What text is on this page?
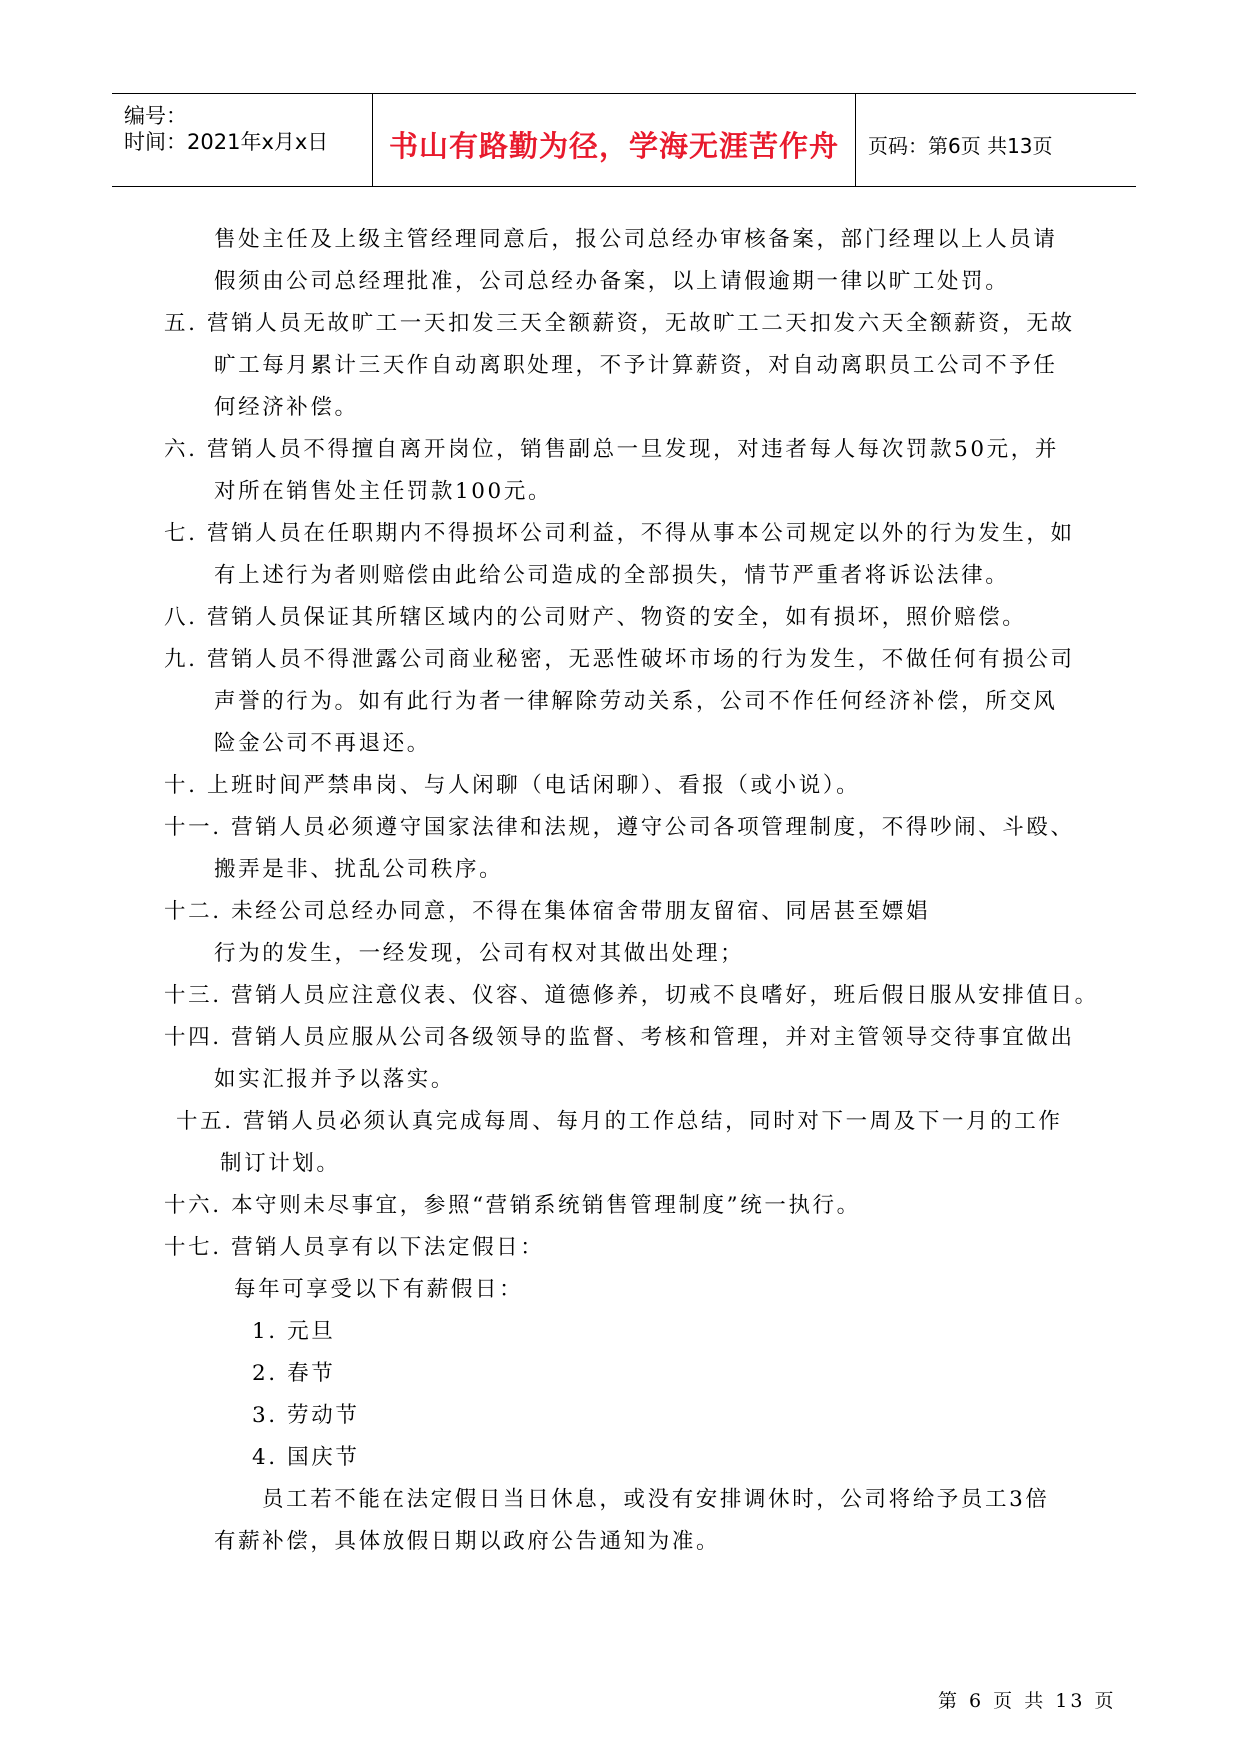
编号：
时间：2021年x月x日	书山有路勤为径，学海无涯苦作舟	页码：第6页 共13页
售处主任及上级主管经理同意后，报公司总经办审核备案，部门经理以上人员请
假须由公司总经理批准，公司总经办备案，以上请假逾期一律以旷工处罚。
五. 营销人员无故旷工一天扣发三天全额薪资，无故旷工二天扣发六天全额薪资，无故
旷工每月累计三天作自动离职处理，不予计算薪资，对自动离职员工公司不予任
何经济补偿。
六. 营销人员不得擅自离开岗位，销售副总一旦发现，对违者每人每次罚款50元，并
对所在销售处主任罚款100元。
七. 营销人员在任职期内不得损坏公司利益，不得从事本公司规定以外的行为发生，如
有上述行为者则赔偿由此给公司造成的全部损失，情节严重者将诉讼法律。
八. 营销人员保证其所辖区域内的公司财产、物资的安全，如有损坏，照价赔偿。
九. 营销人员不得泄露公司商业秘密，无恶性破坏市场的行为发生，不做任何有损公司
声誉的行为。如有此行为者一律解除劳动关系，公司不作任何经济补偿，所交风
险金公司不再退还。
十. 上班时间严禁串岗、与人闲聊（电话闲聊）、看报（或小说）。
十一. 营销人员必须遵守国家法律和法规，遵守公司各项管理制度，不得吵闹、斗殴、
搬弄是非、扰乱公司秩序。
十二. 未经公司总经办同意，不得在集体宿舍带朋友留宿、同居甚至嫖娼
行为的发生，一经发现，公司有权对其做出处理；
十三. 营销人员应注意仪表、仪容、道德修养，切戒不良嗜好，班后假日服从安排值日。
十四. 营销人员应服从公司各级领导的监督、考核和管理，并对主管领导交待事宜做出
如实汇报并予以落实。
十五. 营销人员必须认真完成每周、每月的工作总结，同时对下一周及下一月的工作
制订计划。
十六. 本守则未尽事宜，参照“营销系统销售管理制度”统一执行。
十七. 营销人员享有以下法定假日：
每年可享受以下有薪假日：
1. 元旦
2. 春节
3. 劳动节
4. 国庆节
员工若不能在法定假日当日休息，或没有安排调休时，公司将给予员工3倍
有薪补偿，具体放假日期以政府公告通知为准。
第 6 页 共 13 页
